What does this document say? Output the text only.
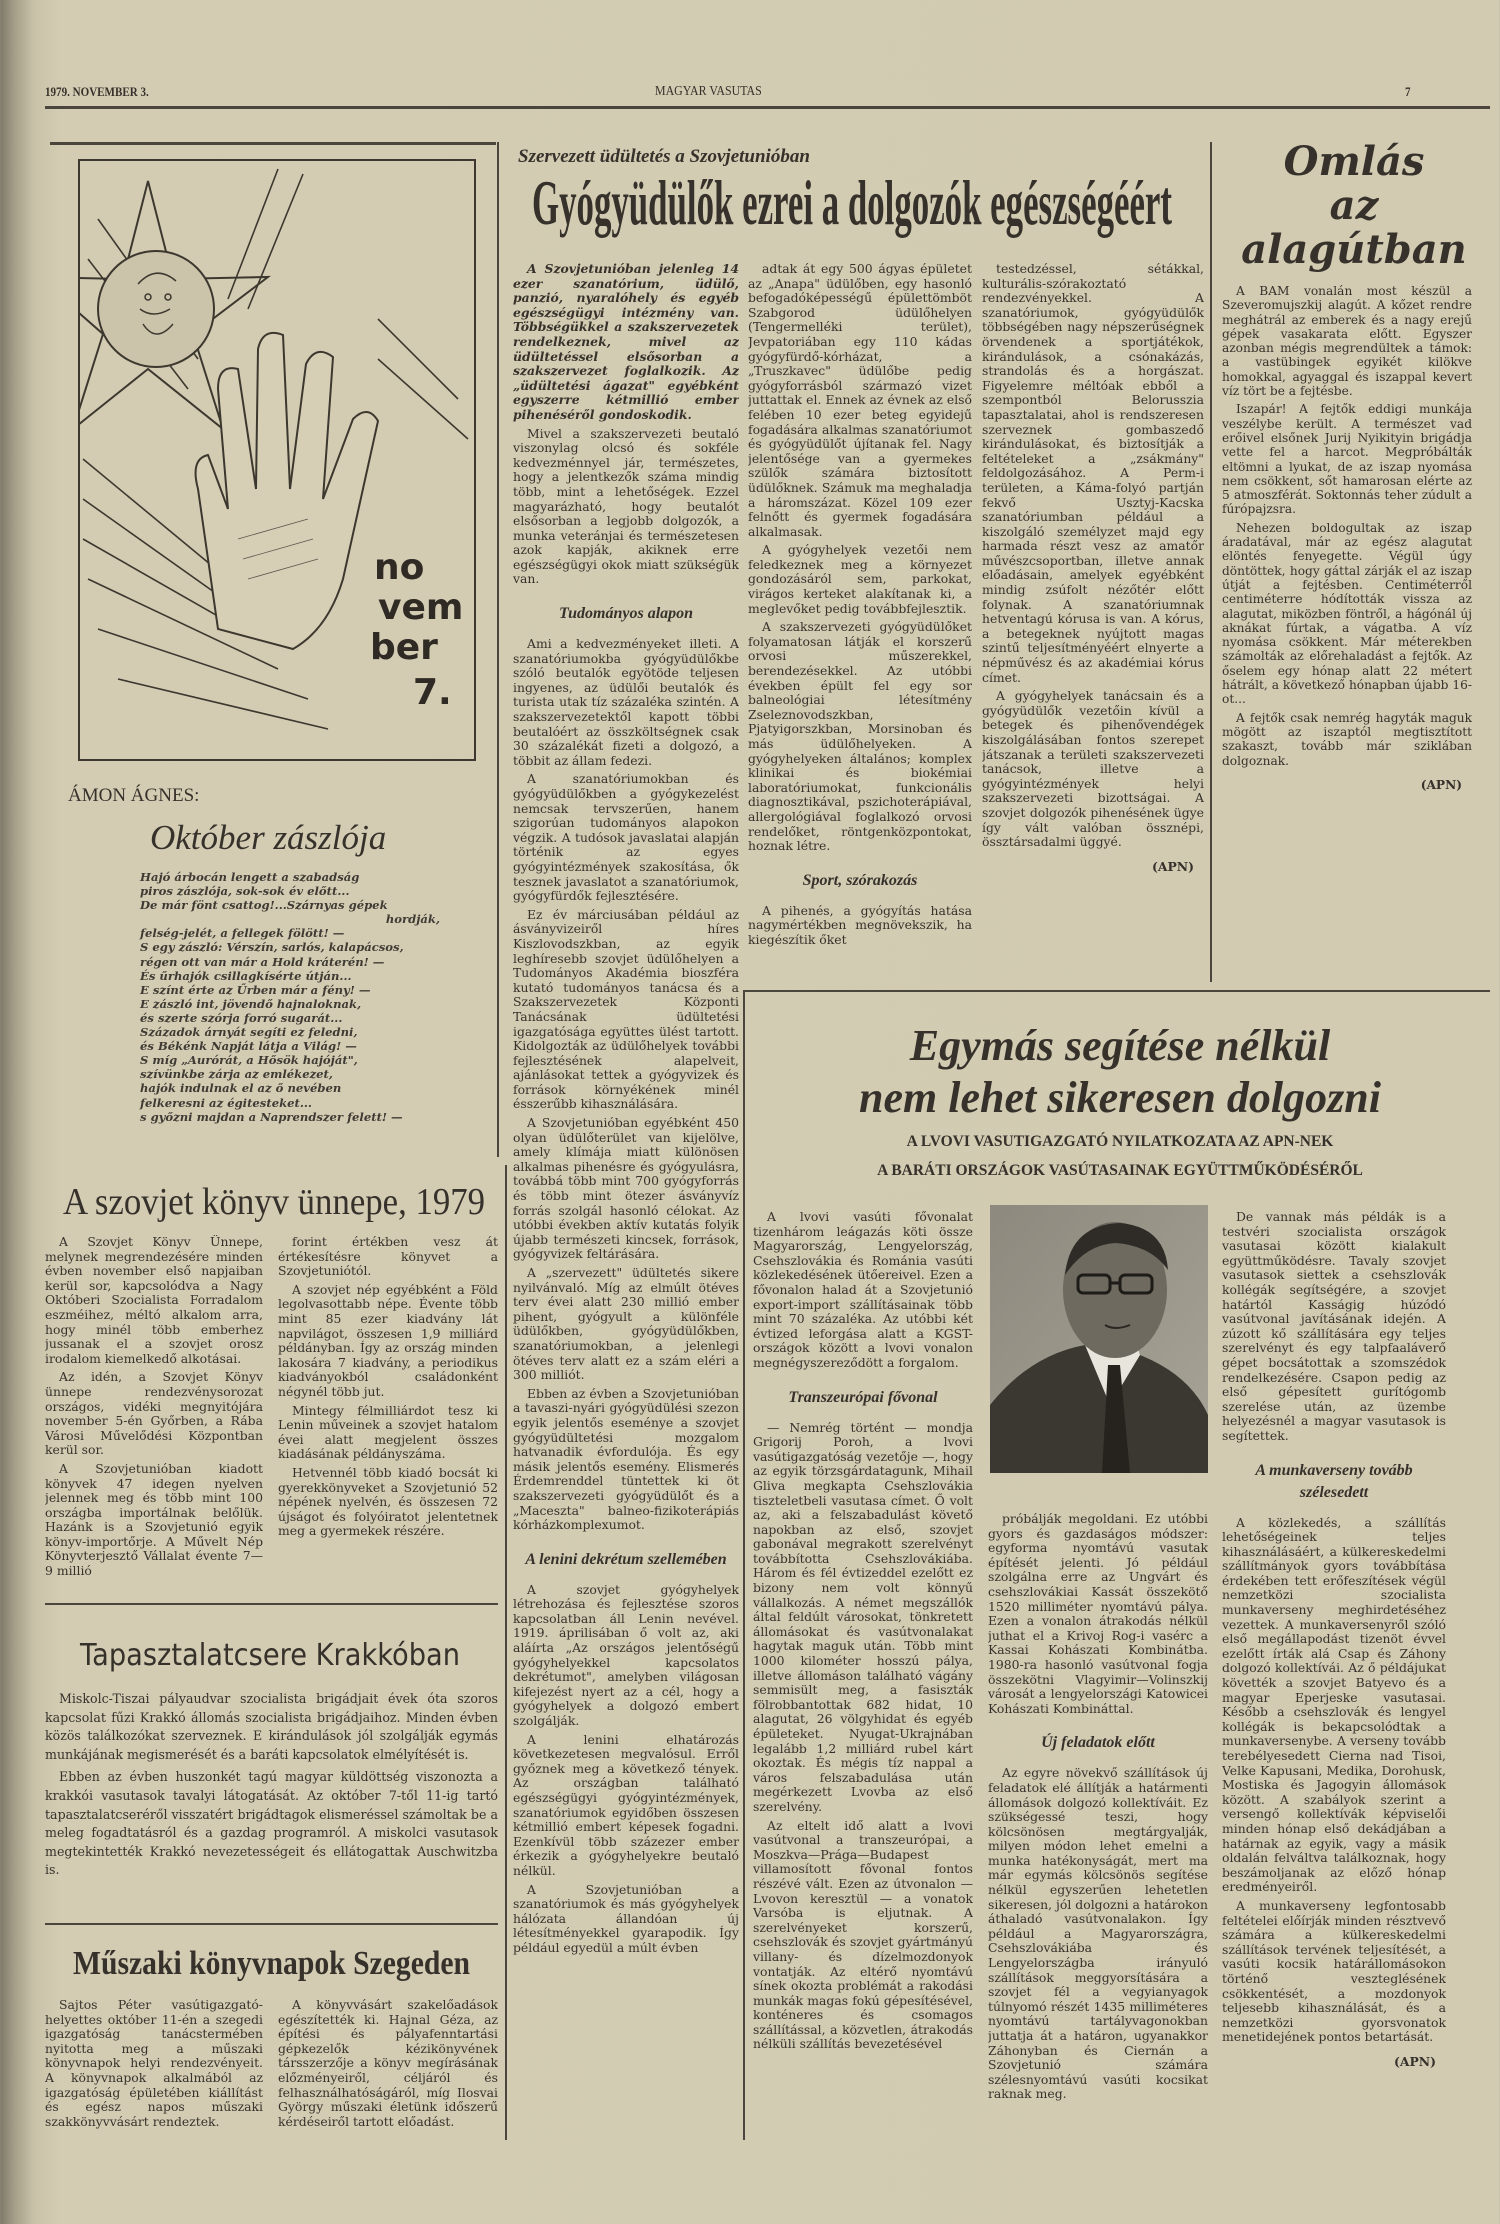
1979. NOVEMBER 3.	MAGYAR VASUTAS	7
no
vem
ber
7.
ÁMON ÁGNES:
Október zászlója
Hajó árbocán lengett a szabadság
piros zászlója, sok-sok év előtt...
De már fönt csattog!...Szárnyas gépek
hordják,
felség-jelét, a fellegek fölött! —
S egy zászló: Vérszín, sarlós, kalapácsos,
régen ott van már a Hold kráterén! —
És űrhajók csillagkísérte útján...
E színt érte az Űrben már a fény! —
E zászló int, jövendő hajnaloknak,
és szerte szórja forró sugarát...
Századok árnyát segíti ez feledni,
és Békénk Napját látja a Világ! —
S míg „Aurórát, a Hősök hajóját",
szívünkbe zárja az emlékezet,
hajók indulnak el az ő nevében
felkeresni az égitesteket...
s győzni majdan a Naprendszer felett! —
A szovjet könyv ünnepe, 1979

A Szovjet Könyv Ünnepe, melynek megrendezésére minden évben november első napjaiban kerül sor, kapcsolódva a Nagy Októberi Szocialista Forradalom eszméihez, méltó alkalom arra, hogy minél több emberhez jussanak el a szovjet orosz irodalom kiemelkedő alkotásai.

Az idén, a Szovjet Könyv ünnepe rendezvénysorozat országos, vidéki megnyitójára november 5-én Győrben, a Rába Városi Művelődési Központban kerül sor.

A Szovjetunióban kiadott könyvek 47 idegen nyelven jelennek meg és több mint 100 országba importálnak belőlük. Hazánk is a Szovjetunió egyik könyv-importőrje. A Művelt Nép Könyvterjesztő Vállalat évente 7—9 millió

forint értékben vesz át értékesítésre könyvet a Szovjetuniótól.

A szovjet nép egyébként a Föld legolvasottabb népe. Évente több mint 85 ezer kiadvány lát napvilágot, összesen 1,9 milliárd példányban. Így az ország minden lakosára 7 kiadvány, a periodikus kiadványokból családonként négynél több jut.

Mintegy félmilliárdot tesz ki Lenin műveinek a szovjet hatalom évei alatt megjelent összes kiadásának példányszáma.

Hetvennél több kiadó bocsát ki gyerekkönyveket a Szovjetunió 52 népének nyelvén, és összesen 72 újságot és folyóiratot jelentetnek meg a gyermekek részére.

Tapasztalatcsere Krakkóban

Miskolc-Tiszai pályaudvar szocialista brigádjait évek óta szoros kapcsolat fűzi Krakkó állomás szocialista brigádjaihoz. Minden évben közös találkozókat szerveznek. E kirándulások jól szolgálják egymás munkájának megismerését és a baráti kapcsolatok elmélyítését is.

Ebben az évben huszonkét tagú magyar küldöttség viszonozta a krakkói vasutasok tavalyi látogatását. Az október 7-től 11-ig tartó tapasztalatcseréről visszatért brigádtagok elismeréssel számoltak be a meleg fogadtatásról és a gazdag programról. A miskolci vasutasok megtekintették Krakkó nevezetességeit és ellátogattak Auschwitzba is.

Műszaki könyvnapok Szegeden

Sajtos Péter vasútigazgató-helyettes október 11-én a szegedi igazgatóság tanácstermében nyitotta meg a műszaki könyvnapok helyi rendezvényeit. A könyvnapok alkalmából az igazgatóság épületében kiállítást és egész napos műszaki szakkönyvvásárt rendeztek.

A könyvvásárt szakelőadások egészítették ki. Hajnal Géza, az építési és pályafenntartási gépkezelők kézikönyvének társszerzője a könyv megírásának előzményeiről, céljáról és felhasználhatóságáról, míg Ilosvai György műszaki életünk időszerű kérdéseiről tartott előadást.

Szervezett üdültetés a Szovjetunióban
Gyógyüdülők ezrei a dolgozók egészségéért

A Szovjetunióban jelenleg 14 ezer szanatórium, üdülő, panzió, nyaralóhely és egyéb egészségügyi intézmény van. Többségükkel a szakszervezetek rendelkeznek, mivel az üdültetéssel elsősorban a szakszervezet foglalkozik. Az „üdültetési ágazat" egyébként egyszerre kétmillió ember pihenéséről gondoskodik.

Mivel a szakszervezeti beutaló viszonylag olcsó és sokféle kedvezménnyel jár, természetes, hogy a jelentkezők száma mindig több, mint a lehetőségek. Ezzel magyarázható, hogy beutalót elsősorban a legjobb dolgozók, a munka veteránjai és természetesen azok kapják, akiknek erre egészségügyi okok miatt szükségük van.

Tudományos alapon

Ami a kedvezményeket illeti. A szanatóriumokba gyógyüdülőkbe szóló beutalók egyötöde teljesen ingyenes, az üdülői beutalók és turista utak tíz százaléka szintén. A szakszervezetektől kapott többi beutalóért az összköltségnek csak 30 százalékát fizeti a dolgozó, a többit az állam fedezi.

A szanatóriumokban és gyógyüdülőkben a gyógykezelést nemcsak tervszerűen, hanem szigorúan tudományos alapokon végzik. A tudósok javaslatai alapján történik az egyes gyógyintézmények szakosítása, ők tesznek javaslatot a szanatóriumok, gyógyfürdők fejlesztésére.

Ez év márciusában például az ásványvizeiről híres Kiszlovodszkban, az egyik leghíresebb szovjet üdülőhelyen a Tudományos Akadémia bioszféra kutató tudományos tanácsa és a Szakszervezetek Központi Tanácsának üdültetési igazgatósága együttes ülést tartott. Kidolgozták az üdülőhelyek további fejlesztésének alapelveit, ajánlásokat tettek a gyógyvizek és források környékének minél ésszerűbb kihasználására.

A Szovjetunióban egyébként 450 olyan üdülőterület van kijelölve, amely klímája miatt különösen alkalmas pihenésre és gyógyulásra, továbbá több mint 700 gyógyforrás és több mint ötezer ásványvíz forrás szolgál hasonló célokat. Az utóbbi években aktív kutatás folyik újabb természeti kincsek, források, gyógyvizek feltárására.

A „szervezett" üdültetés sikere nyilvánvaló. Míg az elmúlt ötéves terv évei alatt 230 millió ember pihent, gyógyult a különféle üdülőkben, gyógyüdülőkben, szanatóriumokban, a jelenlegi ötéves terv alatt ez a szám eléri a 300 milliót.

Ebben az évben a Szovjetunióban a tavaszi-nyári gyógyüdülési szezon egyik jelentős eseménye a szovjet gyógyüdültetési mozgalom hatvanadik évfordulója. És egy másik jelentős esemény. Elismerés Érdemrenddel tüntettek ki öt szakszervezeti gyógyüdülőt és a „Maceszta" balneo-fizikoterápiás kórházkomplexumot.

A lenini dekrétum szellemében

A szovjet gyógyhelyek létrehozása és fejlesztése szoros kapcsolatban áll Lenin nevével. 1919. áprilisában ő volt az, aki aláírta „Az országos jelentőségű gyógyhelyekkel kapcsolatos dekrétumot", amelyben világosan kifejezést nyert az a cél, hogy a gyógyhelyek a dolgozó embert szolgálják.

A lenini elhatározás következetesen megvalósul. Erről győznek meg a következő tények. Az országban található egészségügyi gyógyintézmények, szanatóriumok egyidőben összesen kétmillió embert képesek fogadni. Ezenkívül több százezer ember érkezik a gyógyhelyekre beutaló nélkül.

A Szovjetunióban a szanatóriumok és más gyógyhelyek hálózata állandóan új létesítményekkel gyarapodik. Így például egyedül a múlt évben

adtak át egy 500 ágyas épületet az „Anapa" üdülőben, egy hasonló befogadóképességű épülettömböt Szabgorod üdülőhelyen (Tengermelléki terület), Jevpatoriában egy 110 kádas gyógyfürdő-kórházat, a „Truszkavec" üdülőbe pedig gyógyforrásból származó vizet juttattak el. Ennek az évnek az első felében 10 ezer beteg egyidejű fogadására alkalmas szanatóriumot és gyógyüdülőt újítanak fel. Nagy jelentősége van a gyermekes szülők számára biztosított üdülőknek. Számuk ma meghaladja a háromszázat. Közel 109 ezer felnőtt és gyermek fogadására alkalmasak.

A gyógyhelyek vezetői nem feledkeznek meg a környezet gondozásáról sem, parkokat, virágos kerteket alakítanak ki, a meglevőket pedig továbbfejlesztik.

A szakszervezeti gyógyüdülőket folyamatosan látják el korszerű orvosi műszerekkel, berendezésekkel. Az utóbbi években épült fel egy sor balneológiai létesítmény Zseleznovodszkban, Pjatyigorszkban, Morsinoban és más üdülőhelyeken. A gyógyhelyeken általános; komplex klinikai és biokémiai laboratóriumokat, funkcionális diagnosztikával, pszichoterápiával, allergológiával foglalkozó orvosi rendelőket, röntgenközpontokat, hoznak létre.

Sport, szórakozás

A pihenés, a gyógyítás hatása nagymértékben megnövekszik, ha kiegészítik őket

testedzéssel, sétákkal, kulturális-szórakoztató rendezvényekkel. A szanatóriumok, gyógyüdülők többségében nagy népszerűségnek örvendenek a sportjátékok, kirándulások, a csónakázás, strandolás és a horgászat. Figyelemre méltóak ebből a szempontból Belorusszia tapasztalatai, ahol is rendszeresen szerveznek gombaszedő kirándulásokat, és biztosítják a feltételeket a „zsákmány" feldolgozásához. A Perm-i területen, a Káma-folyó partján fekvő Usztyj-Kacska szanatóriumban például a kiszolgáló személyzet majd egy harmada részt vesz az amatőr művészcsoportban, illetve annak előadásain, amelyek egyébként mindig zsúfolt nézőtér előtt folynak. A szanatóriumnak hetventagú kórusa is van. A kórus, a betegeknek nyújtott magas szintű teljesítményéért elnyerte a népművész és az akadémiai kórus címet.

A gyógyhelyek tanácsain és a gyógyüdülők vezetőin kívül a betegek és pihenővendégek kiszolgálásában fontos szerepet játszanak a területi szakszervezeti tanácsok, illetve a gyógyintézmények helyi szakszervezeti bizottságai. A szovjet dolgozók pihenésének ügye így vált valóban össznépi, össztársadalmi üggyé.

(APN)

Omlás
az
alagútban

A BAM vonalán most készül a Szeveromujszkij alagút. A kőzet rendre meghátrál az emberek és a nagy erejű gépek vasakarata előtt. Egyszer azonban mégis megrendültek a támok: a vastübingek egyikét kilökve homokkal, agyaggal és iszappal kevert víz tört be a fejtésbe.

Iszapár! A fejtők eddigi munkája veszélybe került. A természet vad erőivel elsőnek Jurij Nyikityin brigádja vette fel a harcot. Megpróbálták eltömni a lyukat, de az iszap nyomása nem csökkent, sőt hamarosan elérte az 5 atmoszférát. Soktonnás teher zúdult a fúrópajzsra.

Nehezen boldogultak az iszap áradatával, már az egész alagutat elöntés fenyegette. Végül úgy döntöttek, hogy gáttal zárják el az iszap útját a fejtésben. Centiméterről centiméterre hódították vissza az alagutat, miközben föntről, a hágónál új aknákat fúrtak, a vágatba. A víz nyomása csökkent. Már méterekben számolták az előrehaladást a fejtők. Az őselem egy hónap alatt 22 métert hátrált, a következő hónapban újabb 16-ot...

A fejtők csak nemrég hagyták maguk mögött az iszaptól megtisztított szakaszt, tovább már sziklában dolgoznak.

(APN)

Egymás segítése nélkül
nem lehet sikeresen dolgozni
A LVOVI VASUTIGAZGATÓ NYILATKOZATA AZ APN-NEK
A BARÁTI ORSZÁGOK VASÚTASAINAK EGYÜTTMŰKÖDÉSÉRŐL

A lvovi vasúti fővonalat tizenhárom leágazás köti össze Magyarország, Lengyelország, Csehszlovákia és Románia vasúti közlekedésének ütőereivel. Ezen a fővonalon halad át a Szovjetunió export-import szállításainak több mint 70 százaléka. Az utóbbi két évtized leforgása alatt a KGST-országok között a lvovi vonalon megnégyszereződött a forgalom.

Transzeurópai fővonal

— Nemrég történt — mondja Grigorij Poroh, a lvovi vasútigazgatóság vezetője —, hogy az egyik törzsgárdatagunk, Mihail Gliva megkapta Csehszlovákia tiszteletbeli vasutasa címet. Ő volt az, aki a felszabadulást követő napokban az első, szovjet gabonával megrakott szerelvényt továbbította Csehszlovákiába. Három és fél évtizeddel ezelőtt ez bizony nem volt könnyű vállalkozás. A német megszállók által feldúlt városokat, tönkretett állomásokat és vasútvonalakat hagytak maguk után. Több mint 1000 kilométer hosszú pálya, illetve állomáson található vágány semmisült meg, a fasiszták fölrobbantottak 682 hidat, 10 alagutat, 26 völgyhidat és egyéb épületeket. Nyugat-Ukrajnában legalább 1,2 milliárd rubel kárt okoztak. És mégis tíz nappal a város felszabadulása után megérkezett Lvovba az első szerelvény.

Az eltelt idő alatt a lvovi vasútvonal a transzeurópai, a Moszkva—Prága—Budapest villamosított fővonal fontos részévé vált. Ezen az útvonalon — Lvovon keresztül — a vonatok Varsóba is eljutnak. A szerelvényeket korszerű, csehszlovák és szovjet gyártmányú villany- és dízelmozdonyok vontatják. Az eltérő nyomtávú sínek okozta problémát a rakodási munkák magas fokú gépesítésével, konténeres és csomagos szállítással, a közvetlen, átrakodás nélküli szállítás bevezetésével

próbálják megoldani. Ez utóbbi gyors és gazdaságos módszer: egyforma nyomtávú vasutak építését jelenti. Jó például szolgálna erre az Ungvárt és csehszlovákiai Kassát összekötő 1520 milliméter nyomtávú pálya. Ezen a vonalon átrakodás nélkül juthat el a Krivoj Rog-i vasérc a Kassai Kohászati Kombinátba. 1980-ra hasonló vasútvonal fogja összekötni Vlagyimir—Volinszkij városát a lengyelországi Katowicei Kohászati Kombináttal.

Új feladatok előtt

Az egyre növekvő szállítások új feladatok elé állítják a határmenti állomások dolgozó kollektíváit. Ez szükségessé teszi, hogy kölcsönösen megtárgyalják, milyen módon lehet emelni a munka hatékonyságát, mert ma már egymás kölcsönös segítése nélkül egyszerűen lehetetlen sikeresen, jól dolgozni a határokon áthaladó vasútvonalakon. Így például a Magyarországra, Csehszlovákiába és Lengyelországba irányuló szállítások meggyorsítására a szovjet fél a vegyianyagok túlnyomó részét 1435 milliméteres nyomtávú tartályvagonokban juttatja át a határon, ugyanakkor Záhonyban és Ciernán a Szovjetunió számára szélesnyomtávú vasúti kocsikat raknak meg.

De vannak más példák is a testvéri szocialista országok vasutasai között kialakult együttműködésre. Tavaly szovjet vasutasok siettek a csehszlovák kollégák segítségére, a szovjet határtól Kasságig húzódó vasútvonal javításának idején. A zúzott kő szállítására egy teljes szerelvényt és egy talpfaaláverő gépet bocsátottak a szomszédok rendelkezésére. Csapon pedig az első gépesített gurítógomb szerelése után, az üzembe helyezésnél a magyar vasutasok is segítettek.

A munkaverseny tovább szélesedett

A közlekedés, a szállítás lehetőségeinek teljes kihasználásáért, a külkereskedelmi szállítmányok gyors továbbítása érdekében tett erőfeszítések végül nemzetközi szocialista munkaverseny meghirdetéséhez vezettek. A munkaversenyről szóló első megállapodást tizenöt évvel ezelőtt írták alá Csap és Záhony dolgozó kollektívái. Az ő példájukat követték a szovjet Batyevo és a magyar Eperjeske vasutasai. Később a csehszlovák és lengyel kollégák is bekapcsolódtak a munkaversenybe. A verseny tovább terebélyesedett Cierna nad Tisoi, Velke Kapusani, Medika, Dorohusk, Mostiska és Jagogyin állomások között. A szabályok szerint a versengő kollektívák képviselői minden hónap első dekádjában a határnak az egyik, vagy a másik oldalán felváltva találkoznak, hogy beszámoljanak az előző hónap eredményeiről.

A munkaverseny legfontosabb feltételei előírják minden résztvevő számára a külkereskedelmi szállítások tervének teljesítését, a vasúti kocsik határállomásokon történő veszteglésének csökkentését, a mozdonyok teljesebb kihasználását, és a nemzetközi gyorsvonatok menetidejének pontos betartását.

(APN)
